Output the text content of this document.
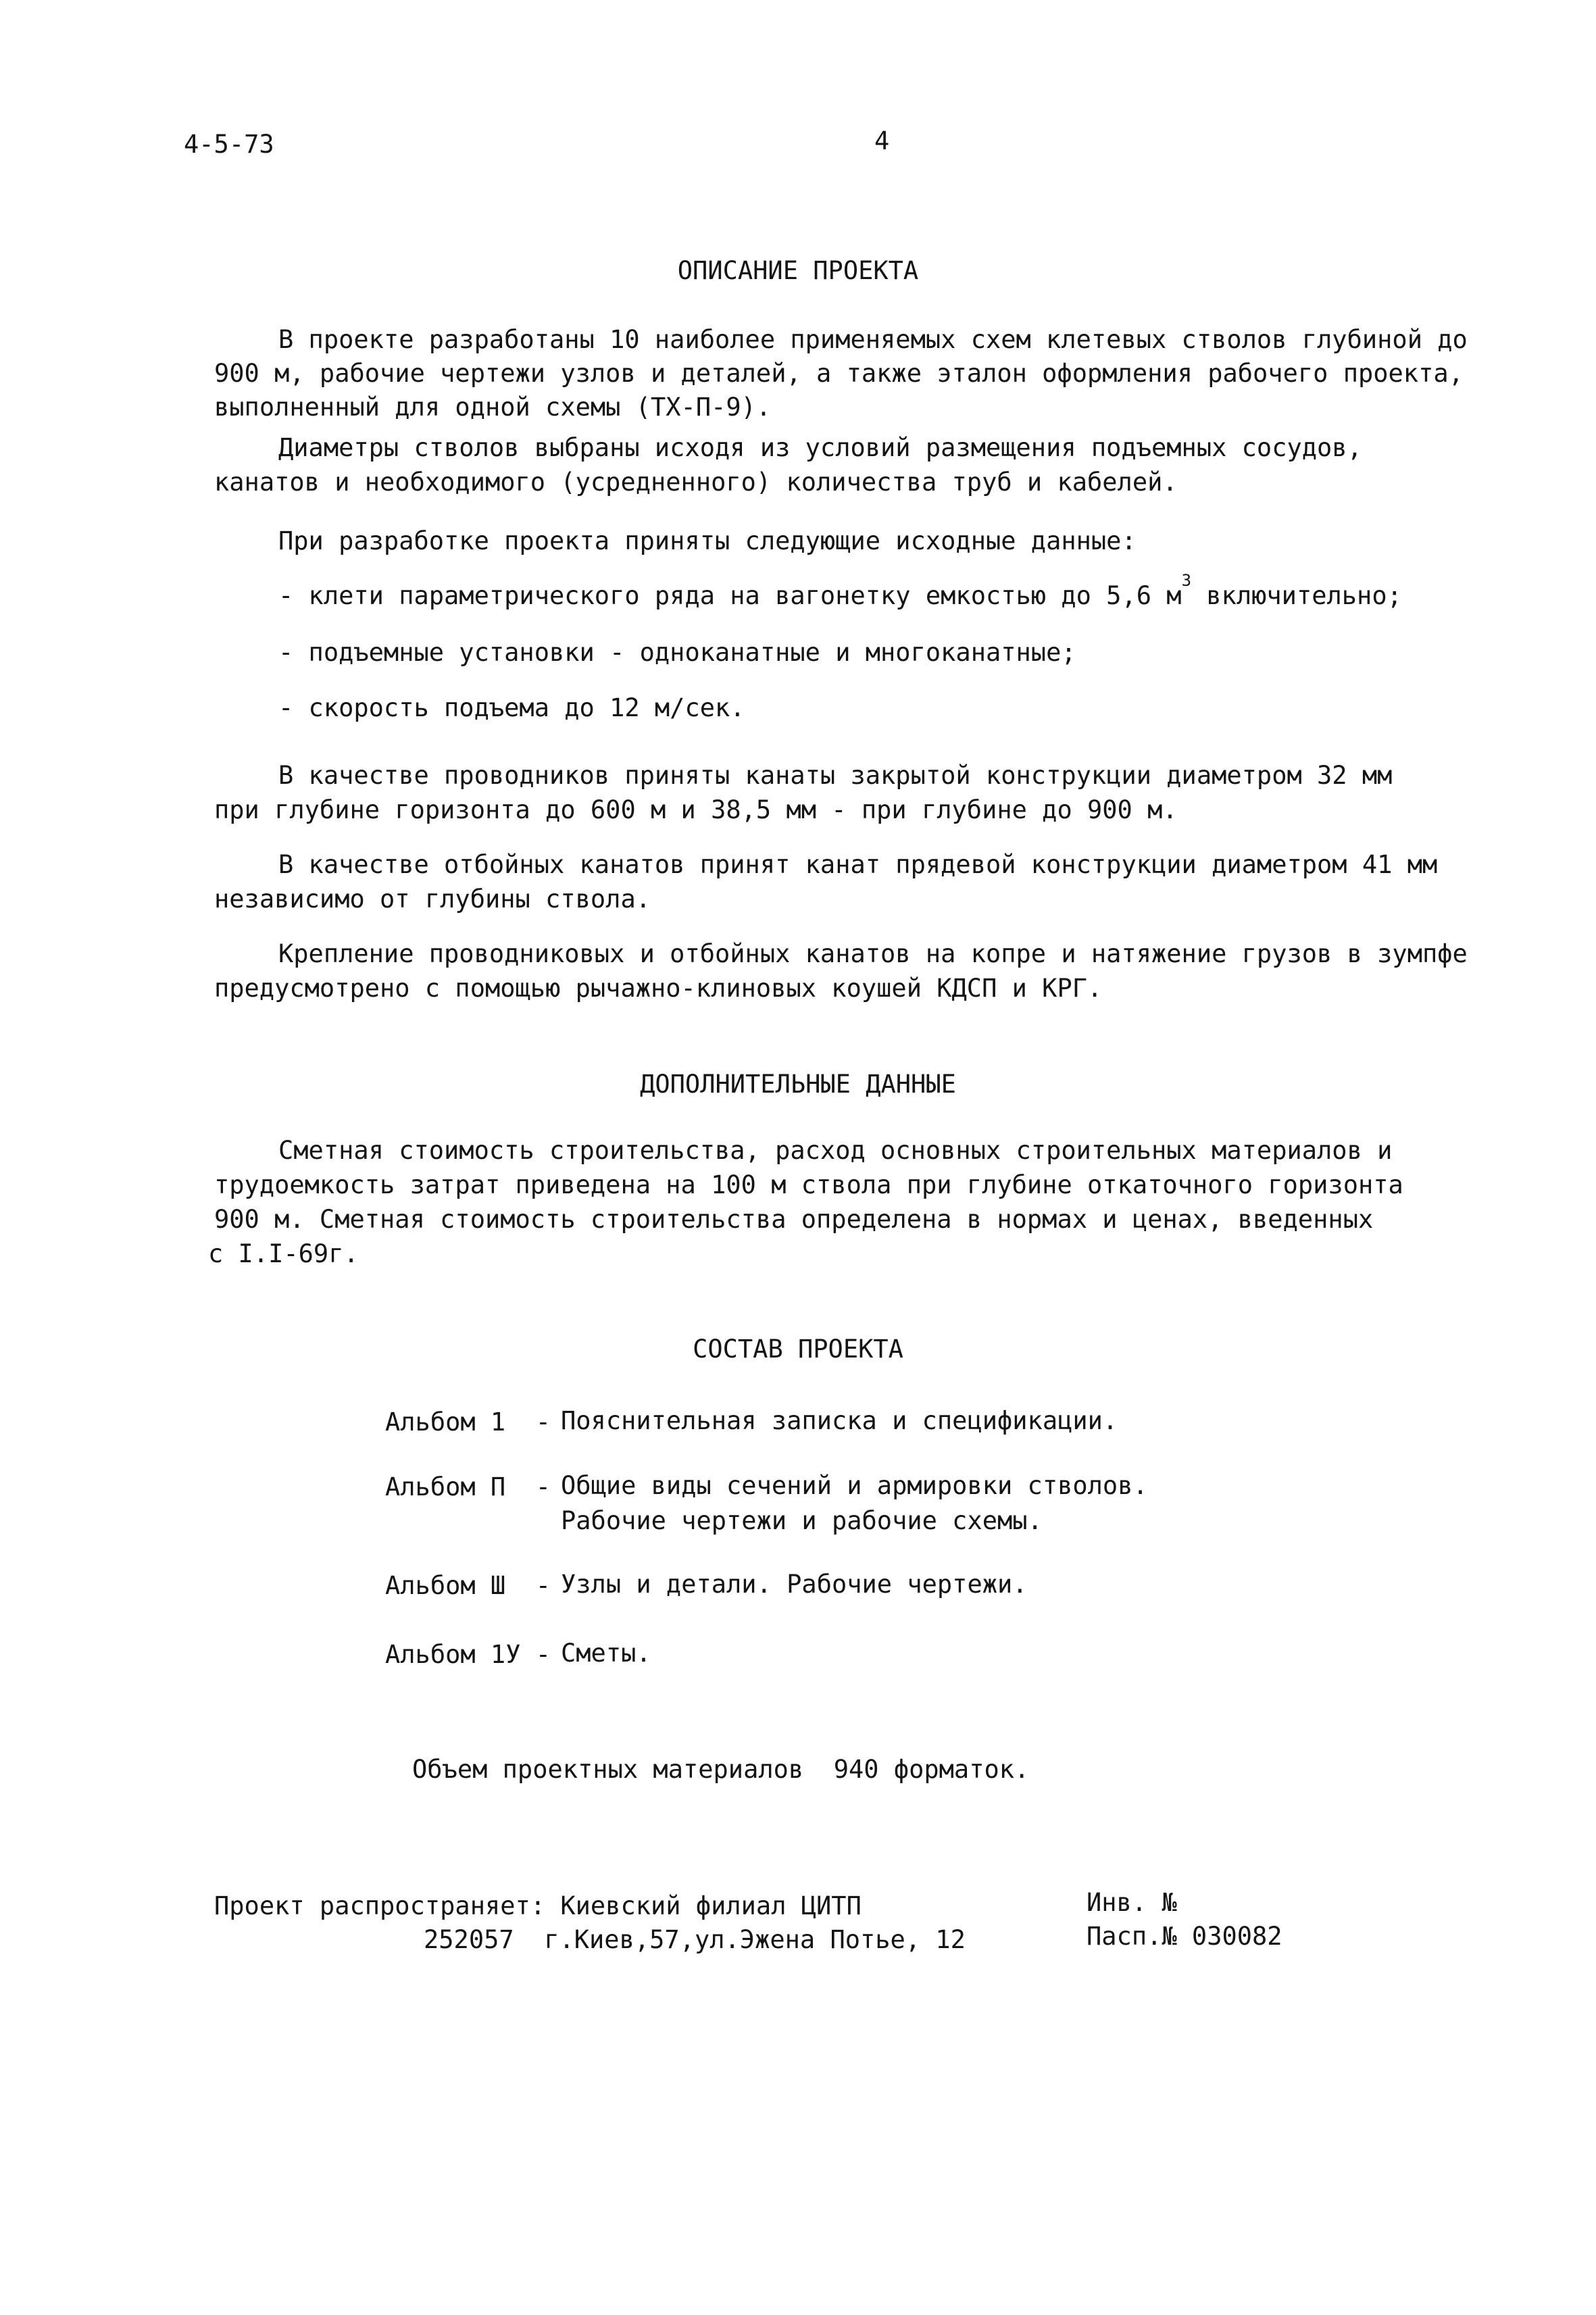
4-5-73	4
ОПИСАНИЕ ПРОЕКТА
В проекте разработаны 10 наиболее применяемых схем клетевых стволов глубиной до
900 м, рабочие чертежи узлов и деталей, а также эталон оформления рабочего проекта,
выполненный для одной схемы (ТХ-П-9).
Диаметры стволов выбраны исходя из условий размещения подъемных сосудов,
канатов и необходимого (усредненного) количества труб и кабелей.
При разработке проекта приняты следующие исходные данные:
- клети параметрического ряда на вагонетку емкостью до 5,6 $м^3$ включительно;
- подъемные установки - одноканатные и многоканатные;
- скорость подъема до 12 м/сек.
В качестве проводников приняты канаты закрытой конструкции диаметром 32 мм
при глубине горизонта до 600 м и 38,5 мм - при глубине до 900 м.
В качестве отбойных канатов принят канат прядевой конструкции диаметром 41 мм
независимо от глубины ствола.
Крепление проводниковых и отбойных канатов на копре и натяжение грузов в зумпфе
предусмотрено с помощью рычажно-клиновых коушей КДСП и КРГ.
ДОПОЛНИТЕЛЬНЫЕ ДАННЫЕ
Сметная стоимость строительства, расход основных строительных материалов и
трудоемкость затрат приведена на 100 м ствола при глубине откаточного горизонта
900 м. Сметная стоимость строительства определена в нормах и ценах, введенных
с I.I-69г.
СОСТАВ ПРОЕКТА
Альбом 1  - Пояснительная записка и спецификации.
Альбом П  - Общие виды сечений и армировки стволов.
Рабочие чертежи и рабочие схемы.
Альбом Ш  - Узлы и детали. Рабочие чертежи.
Альбом 1У - Сметы.
Объем проектных материалов  940 форматок.
Проект распространяет: Киевский филиал ЦИТП
252057  г.Киев,57,ул.Эжена Потье, 12
Инв. №
Пасп.№ 030082
